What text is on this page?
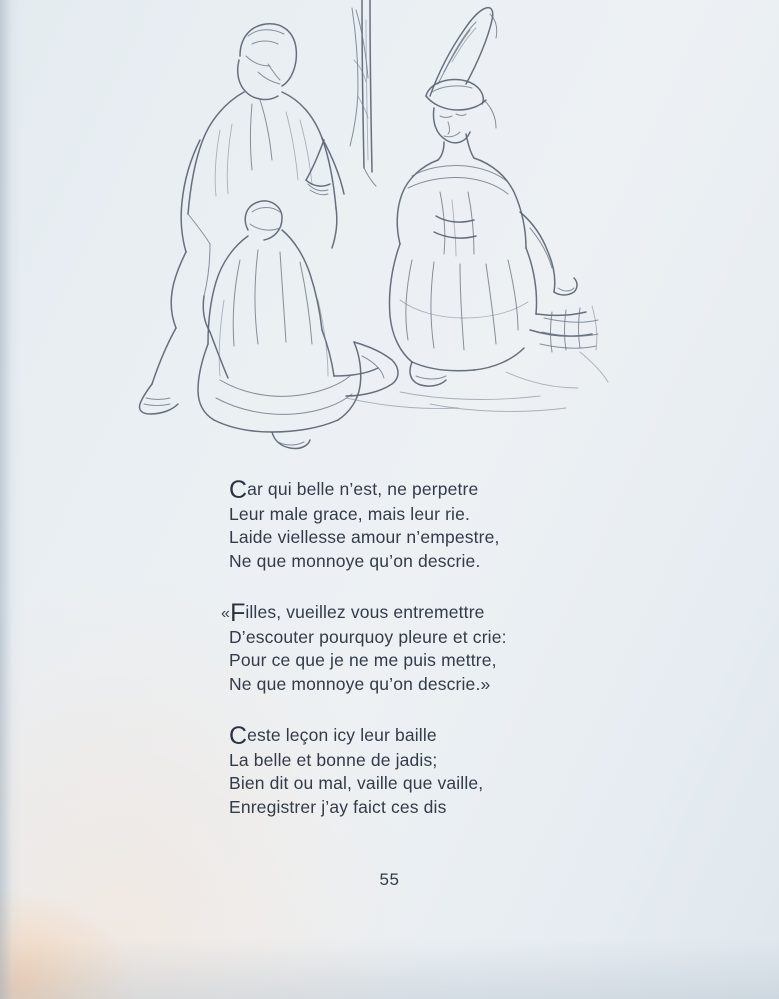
Car qui belle n’est, ne perpetre
Leur male grace, mais leur rie.
Laide viellesse amour n’empestre,
Ne que monnoye qu’on descrie.
«Filles, vueillez vous entremettre
D’escouter pourquoy pleure et crie:
Pour ce que je ne me puis mettre,
Ne que monnoye qu’on descrie.»
Ceste leçon icy leur baille
La belle et bonne de jadis;
Bien dit ou mal, vaille que vaille,
Enregistrer j’ay faict ces dis
55
